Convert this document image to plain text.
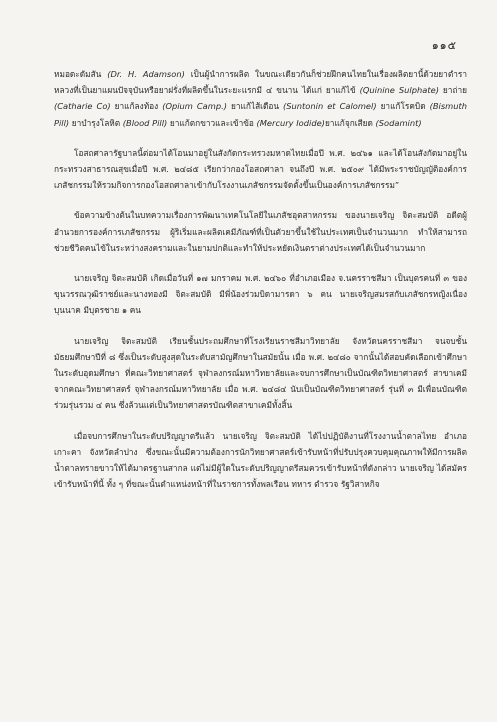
๑๑๕

หมอดะดัมสัน (Dr. H. Adamson) เป็นผู้นำการผลิต ในขณะเดียวกันก็ช่วยฝึกคนไทยในเรื่องผลิตยานี้ด้วยยาตำราหลวงที่เป็นยาแผนปัจจุบันหรือยาฝรั่งที่ผลิตขึ้นในระยะแรกมี ๔ ขนาน ได้แก่ ยาแก้ไข้ (Quinine Sulphate) ยาถ่าย (Catharie Co) ยาแก้ลงท้อง (Opium Camp.) ยาแก้ไส้เดือน (Suntonin et Calomel) ยาแก้โรคบิด (Bismuth Pill) ยาบำรุงโลหิต (Blood Pill) ยาแก้ตกขาวและเข้าข้อ (Mercury Iodide)ยาแก้จุกเสียด (Sodamint)

โอสถศาลารัฐบาลนี้ต่อมาได้โอนมาอยู่ในสังกัดกระทรวงมหาดไทยเมื่อปี พ.ศ. ๒๔๖๑ และได้โอนสังกัดมาอยู่ในกระทรวงสาธารณสุขเมื่อปี พ.ศ. ๒๔๘๕ เรียกว่ากองโอสถศาลา จนถึงปี พ.ศ. ๒๕๐๙ ได้มีพระราชบัญญัติองค์การเภสัชกรรมให้รวมกิจการกองโอสถศาลาเข้ากับโรงงานเภสัชกรรมจัดตั้งขึ้นเป็นองค์การเภสัชกรรม”

ข้อความข้างต้นในบทความเรื่องการพัฒนาเทคโนโลยีในเภสัชอุตสาหกรรม ของนายเจริญ จิตะสมบัติ อดีตผู้อำนวยการองค์การเภสัชกรรม ผู้ริเริ่มและผลิตเคมีภัณฑ์ที่เป็นตัวยาขึ้นใช้ในประเทศเป็นจำนวนมาก ทำให้สามารถช่วยชีวิตคนไข้ในระหว่างสงครามและในยามปกติและทำให้ประหยัดเงินตราต่างประเทศได้เป็นจำนวนมาก

นายเจริญ จิตะสมบัติ เกิดเมื่อวันที่ ๑๗ มกราคม พ.ศ. ๒๔๖๐ ที่อำเภอเมือง จ.นครราชสีมา เป็นบุตรคนที่ ๓ ของขุนวรรณวุฒิราชย์และนางทองมี จิตะสมบัติ มีพี่น้องร่วมบิดามารดา ๖ คน นายเจริญสมรสกับเภสัชกรหญิงเนื่อง บุนนาค มีบุตรชาย ๑ คน

นายเจริญ จิตะสมบัติ เรียนชั้นประถมศึกษาที่โรงเรียนราชสีมาวิทยาลัย จังหวัดนครราชสีมา จนจบชั้นมัธยมศึกษาปีที่ ๘ ซึ่งเป็นระดับสูงสุดในระดับสามัญศึกษาในสมัยนั้น เมื่อ พ.ศ. ๒๔๘๐ จากนั้นได้สอบคัดเลือกเข้าศึกษาในระดับอุดมศึกษา ที่คณะวิทยาศาสตร์ จุฬาลงกรณ์มหาวิทยาลัยและจบการศึกษาเป็นบัณฑิตวิทยาศาสตร์ สาขาเคมีจากคณะวิทยาศาสตร์ จุฬาลงกรณ์มหาวิทยาลัย เมื่อ พ.ศ. ๒๔๘๔ นับเป็นบัณฑิตวิทยาศาสตร์ รุ่นที่ ๓ มีเพื่อนบัณฑิตร่วมรุ่นรวม ๔ คน ซึ่งล้วนแต่เป็นวิทยาศาสตรบัณฑิตสาขาเคมีทั้งสิ้น

เมื่อจบการศึกษาในระดับปริญญาตรีแล้ว นายเจริญ จิตะสมบัติ ได้ไปปฏิบัติงานที่โรงงานน้ำตาลไทย อำเภอเกาะคา จังหวัดลำปาง ซึ่งขณะนั้นมีความต้องการนักวิทยาศาสตร์เข้ารับหน้าที่ปรับปรุงควบคุมคุณภาพให้มีการผลิตน้ำตาลทรายขาวให้ได้มาตรฐานสากล แต่ไม่มีผู้ใดในระดับปริญญาตรีสมควรเข้ารับหน้าที่ดังกล่าว นายเจริญ ได้สมัครเข้ารับหน้าที่นี้ ทั้ง ๆ ที่ขณะนั้นตำแหน่งหน้าที่ในราชการทั้งพลเรือน ทหาร ตำรวจ รัฐวิสาหกิจ
